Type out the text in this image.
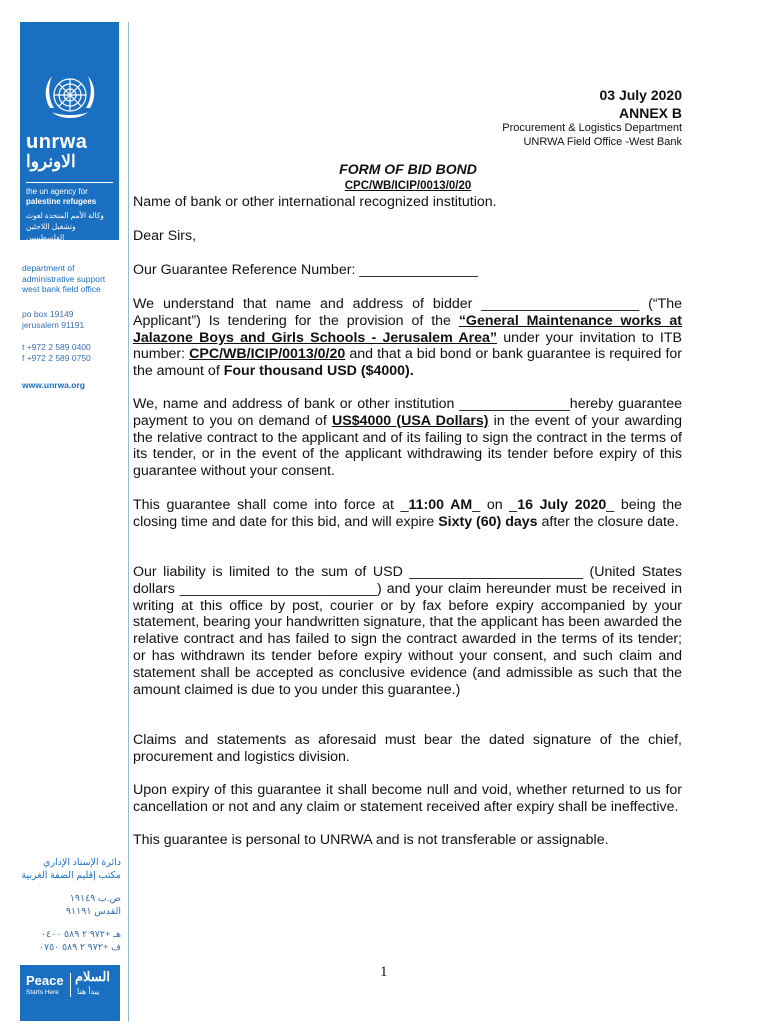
unrwa
الاونروا
the un agency for
palestine refugees
وكالة الأمم المتحدة لغوث وتشغيل اللاجئين الفلسطينيين
department of
administrative support
west bank field office
po box 19149
jerusalem 91191
t +972 2 589 0400
f +972 2 589 0750
www.unrwa.org
دائرة الإسناد الإداري
مكتب إقليم الضفة الغربية
ص.ب ١٩١٤٩
القدس ٩١١٩١
هـ +٩٧٢ ٢ ٥٨٩ ٠٤٠٠
ف +٩٧٢ ٢ ٥٨٩ ٠٧٥٠
Peace
Starts Here
السلام
يبدأ هنا
03 July 2020
ANNEX B
Procurement & Logistics Department
UNRWA Field Office -West Bank
FORM OF BID BOND
CPC/WB/ICIP/0013/0/20
Name of bank or other international recognized institution.
Dear Sirs,
Our Guarantee Reference Number: _______________
We understand that name and address of bidder ____________________ (“The Applicant”) Is tendering for the provision of the “General Maintenance works at Jalazone Boys and Girls Schools - Jerusalem Area” under your invitation to ITB number: CPC/WB/ICIP/0013/0/20 and that a bid bond or bank guarantee is required for the amount of Four thousand USD ($4000).
We, name and address of bank or other institution ______________hereby guarantee payment to you on demand of US$4000 (USA Dollars) in the event of your awarding the relative contract to the applicant and of its failing to sign the contract in the terms of its tender, or in the event of the applicant withdrawing its tender before expiry of this guarantee without your consent.
This guarantee shall come into force at _11:00 AM_ on _16 July 2020_ being the closing time and date for this bid, and will expire Sixty (60) days after the closure date.
Our liability is limited to the sum of USD ______________________ (United States dollars _________________________) and your claim hereunder must be received in writing at this office by post, courier or by fax before expiry accompanied by your statement, bearing your handwritten signature, that the applicant has been awarded the relative contract and has failed to sign the contract awarded in the terms of its tender; or has withdrawn its tender before expiry without your consent, and such claim and statement shall be accepted as conclusive evidence (and admissible as such that the amount claimed is due to you under this guarantee.)
Claims and statements as aforesaid must bear the dated signature of the chief, procurement and logistics division.
Upon expiry of this guarantee it shall become null and void, whether returned to us for cancellation or not and any claim or statement received after expiry shall be ineffective.
This guarantee is personal to UNRWA and is not transferable or assignable.
1
